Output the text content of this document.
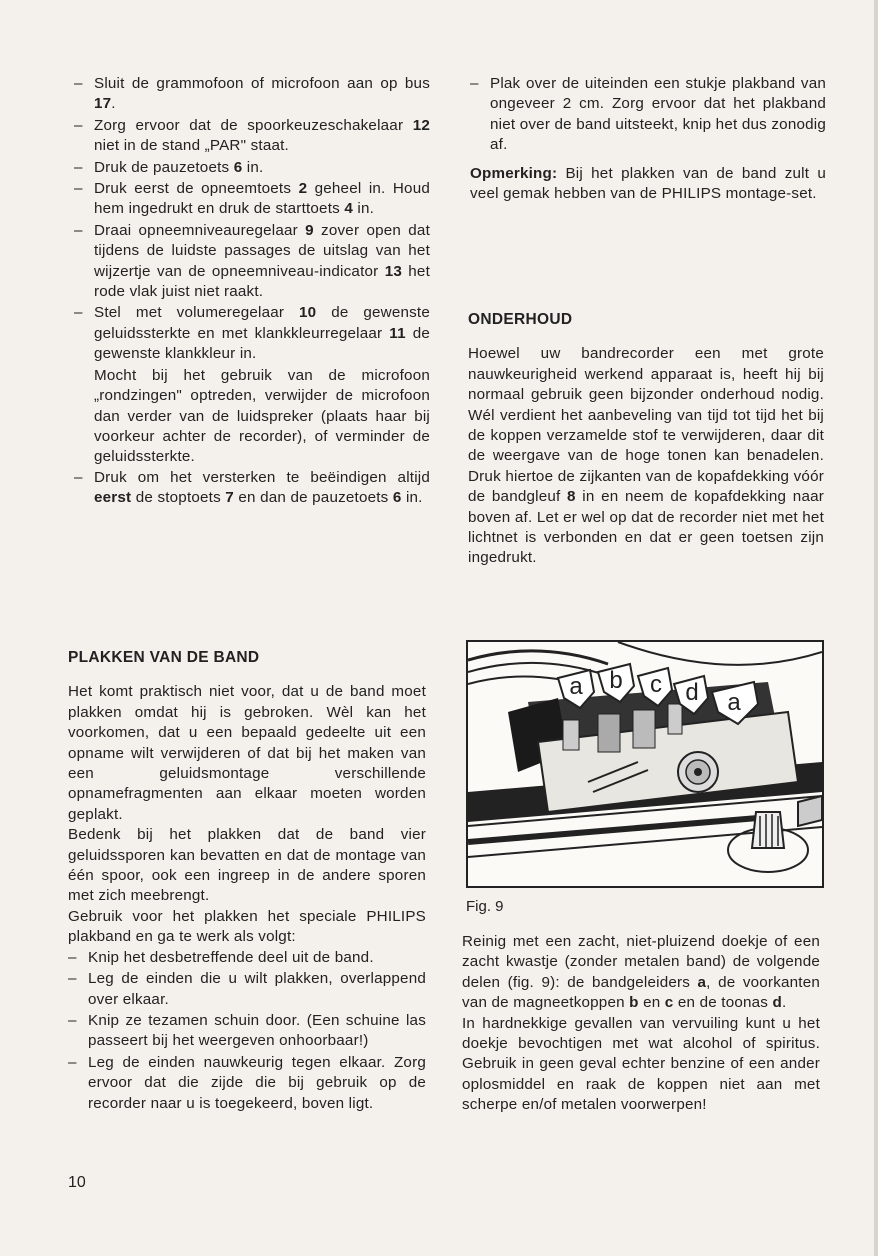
– Sluit de grammofoon of microfoon aan op bus 17.

– Zorg ervoor dat de spoorkeuzeschakelaar 12 niet in de stand „PAR" staat.

– Druk de pauzetoets 6 in.

– Druk eerst de opneemtoets 2 geheel in. Houd hem ingedrukt en druk de starttoets 4 in.

– Draai opneemniveauregelaar 9 zover open dat tijdens de luidste passages de uitslag van het wijzertje van de opneemniveau-indicator 13 het rode vlak juist niet raakt.

– Stel met volumeregelaar 10 de gewenste geluidssterkte en met klankkleurregelaar 11 de gewenste klankkleur in.

Mocht bij het gebruik van de microfoon „rondzingen" optreden, verwijder de microfoon dan verder van de luidspreker (plaats haar bij voorkeur achter de recorder), of verminder de geluidssterkte.

– Druk om het versterken te beëindigen altijd eerst de stoptoets 7 en dan de pauzetoets 6 in.

PLAKKEN VAN DE BAND

Het komt praktisch niet voor, dat u de band moet plakken omdat hij is gebroken. Wèl kan het voorkomen, dat u een bepaald gedeelte uit een opname wilt verwijderen of dat bij het maken van een geluidsmontage verschillende opnamefragmenten aan elkaar moeten worden geplakt.

Bedenk bij het plakken dat de band vier geluidssporen kan bevatten en dat de montage van één spoor, ook een ingreep in de andere sporen met zich meebrengt.

Gebruik voor het plakken het speciale PHILIPS plakband en ga te werk als volgt:

– Knip het desbetreffende deel uit de band.

– Leg de einden die u wilt plakken, overlappend over elkaar.

– Knip ze tezamen schuin door. (Een schuine las passeert bij het weergeven onhoorbaar!)

– Leg de einden nauwkeurig tegen elkaar. Zorg ervoor dat die zijde die bij gebruik op de recorder naar u is toegekeerd, boven ligt.

– Plak over de uiteinden een stukje plakband van ongeveer 2 cm. Zorg ervoor dat het plakband niet over de band uitsteekt, knip het dus zonodig af.

Opmerking: Bij het plakken van de band zult u veel gemak hebben van de PHILIPS montage-set.

ONDERHOUD

Hoewel uw bandrecorder een met grote nauwkeurigheid werkend apparaat is, heeft hij bij normaal gebruik geen bijzonder onderhoud nodig. Wél verdient het aanbeveling van tijd tot tijd het bij de koppen verzamelde stof te verwijderen, daar dit de weergave van de hoge tonen kan benadelen. Druk hiertoe de zijkanten van de kopafdekking vóór de bandgleuf 8 in en neem de kopafdekking naar boven af. Let er wel op dat de recorder niet met het lichtnet is verbonden en dat er geen toetsen zijn ingedrukt.

a b c d a
Fig. 9

Reinig met een zacht, niet-pluizend doekje of een zacht kwastje (zonder metalen band) de volgende delen (fig. 9): de bandgeleiders a, de voorkanten van de magneetkoppen b en c en de toonas d.

In hardnekkige gevallen van vervuiling kunt u het doekje bevochtigen met wat alcohol of spiritus. Gebruik in geen geval echter benzine of een ander oplosmiddel en raak de koppen niet aan met scherpe en/of metalen voorwerpen!

10
